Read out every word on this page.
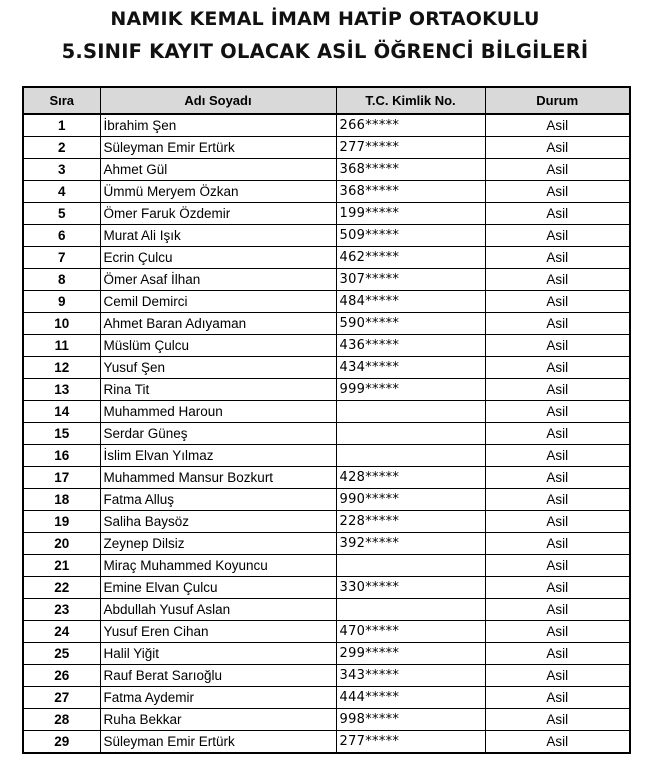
NAMIK KEMAL İMAM HATİP ORTAOKULU
5.SINIF KAYIT OLACAK ASİL ÖĞRENCİ BİLGİLERİ
Sıra	Adı Soyadı	T.C. Kimlik No.	Durum
1	İbrahim Şen	266*****	Asil
2	Süleyman Emir Ertürk	277*****	Asil
3	Ahmet Gül	368*****	Asil
4	Ümmü Meryem Özkan	368*****	Asil
5	Ömer Faruk Özdemir	199*****	Asil
6	Murat Ali Işık	509*****	Asil
7	Ecrin Çulcu	462*****	Asil
8	Ömer Asaf İlhan	307*****	Asil
9	Cemil Demirci	484*****	Asil
10	Ahmet Baran Adıyaman	590*****	Asil
11	Müslüm Çulcu	436*****	Asil
12	Yusuf Şen	434*****	Asil
13	Rina Tit	999*****	Asil
14	Muhammed Haroun		Asil
15	Serdar Güneş		Asil
16	İslim Elvan Yılmaz		Asil
17	Muhammed Mansur Bozkurt	428*****	Asil
18	Fatma Alluş	990*****	Asil
19	Saliha Baysöz	228*****	Asil
20	Zeynep Dilsiz	392*****	Asil
21	Miraç Muhammed Koyuncu		Asil
22	Emine Elvan Çulcu	330*****	Asil
23	Abdullah Yusuf Aslan		Asil
24	Yusuf Eren Cihan	470*****	Asil
25	Halil Yiğit	299*****	Asil
26	Rauf Berat Sarıoğlu	343*****	Asil
27	Fatma Aydemir	444*****	Asil
28	Ruha Bekkar	998*****	Asil
29	Süleyman Emir Ertürk	277*****	Asil
